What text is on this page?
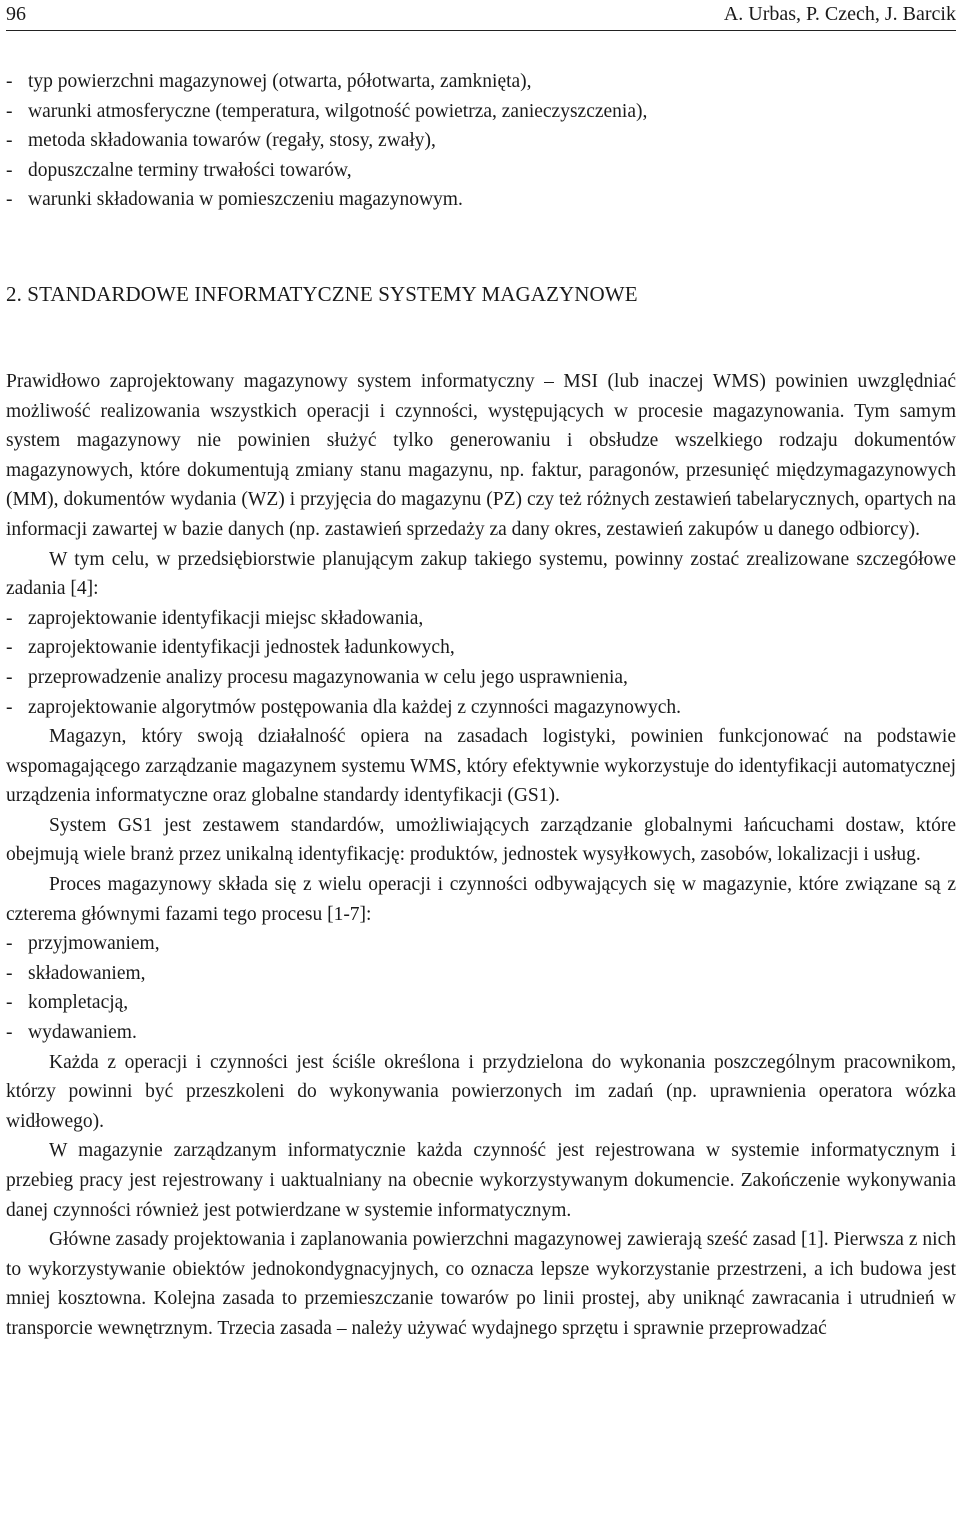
96	A. Urbas, P. Czech, J. Barcik
- typ powierzchni magazynowej (otwarta, półotwarta, zamknięta),
- warunki atmosferyczne (temperatura, wilgotność powietrza, zanieczyszczenia),
- metoda składowania towarów (regały, stosy, zwały),
- dopuszczalne terminy trwałości towarów,
- warunki składowania w pomieszczeniu magazynowym.
2. STANDARDOWE INFORMATYCZNE SYSTEMY MAGAZYNOWE

Prawidłowo zaprojektowany magazynowy system informatyczny – MSI (lub inaczej WMS) powinien uwzględniać możliwość realizowania wszystkich operacji i czynności, występujących w procesie magazynowania. Tym samym system magazynowy nie powinien służyć tylko generowaniu i obsłudze wszelkiego rodzaju dokumentów magazynowych, które dokumentują zmiany stanu magazynu, np. faktur, paragonów, przesunięć międzymagazynowych (MM), dokumentów wydania (WZ) i przyjęcia do magazynu (PZ) czy też różnych zestawień tabelarycznych, opartych na informacji zawartej w bazie danych (np. zastawień sprzedaży za dany okres, zestawień zakupów u danego odbiorcy).

W tym celu, w przedsiębiorstwie planującym zakup takiego systemu, powinny zostać zrealizowane szczegółowe zadania [4]:

- zaprojektowanie identyfikacji miejsc składowania,
- zaprojektowanie identyfikacji jednostek ładunkowych,
- przeprowadzenie analizy procesu magazynowania w celu jego usprawnienia,
- zaprojektowanie algorytmów postępowania dla każdej z czynności magazynowych.

Magazyn, który swoją działalność opiera na zasadach logistyki, powinien funkcjonować na podstawie wspomagającego zarządzanie magazynem systemu WMS, który efektywnie wykorzystuje do identyfikacji automatycznej urządzenia informatyczne oraz globalne standardy identyfikacji (GS1).

System GS1 jest zestawem standardów, umożliwiających zarządzanie globalnymi łańcuchami dostaw, które obejmują wiele branż przez unikalną identyfikację: produktów, jednostek wysyłkowych, zasobów, lokalizacji i usług.

Proces magazynowy składa się z wielu operacji i czynności odbywających się w magazynie, które związane są z czterema głównymi fazami tego procesu [1-7]:

- przyjmowaniem,
- składowaniem,
- kompletacją,
- wydawaniem.

Każda z operacji i czynności jest ściśle określona i przydzielona do wykonania poszczególnym pracownikom, którzy powinni być przeszkoleni do wykonywania powierzonych im zadań (np. uprawnienia operatora wózka widłowego).

W magazynie zarządzanym informatycznie każda czynność jest rejestrowana w systemie informatycznym i przebieg pracy jest rejestrowany i uaktualniany na obecnie wykorzystywanym dokumencie. Zakończenie wykonywania danej czynności również jest potwierdzane w systemie informatycznym.

Główne zasady projektowania i zaplanowania powierzchni magazynowej zawierają sześć zasad [1]. Pierwsza z nich to wykorzystywanie obiektów jednokondygnacyjnych, co oznacza lepsze wykorzystanie przestrzeni, a ich budowa jest mniej kosztowna. Kolejna zasada to przemieszczanie towarów po linii prostej, aby uniknąć zawracania i utrudnień w transporcie wewnętrznym. Trzecia zasada – należy używać wydajnego sprzętu i sprawnie przeprowadzać
